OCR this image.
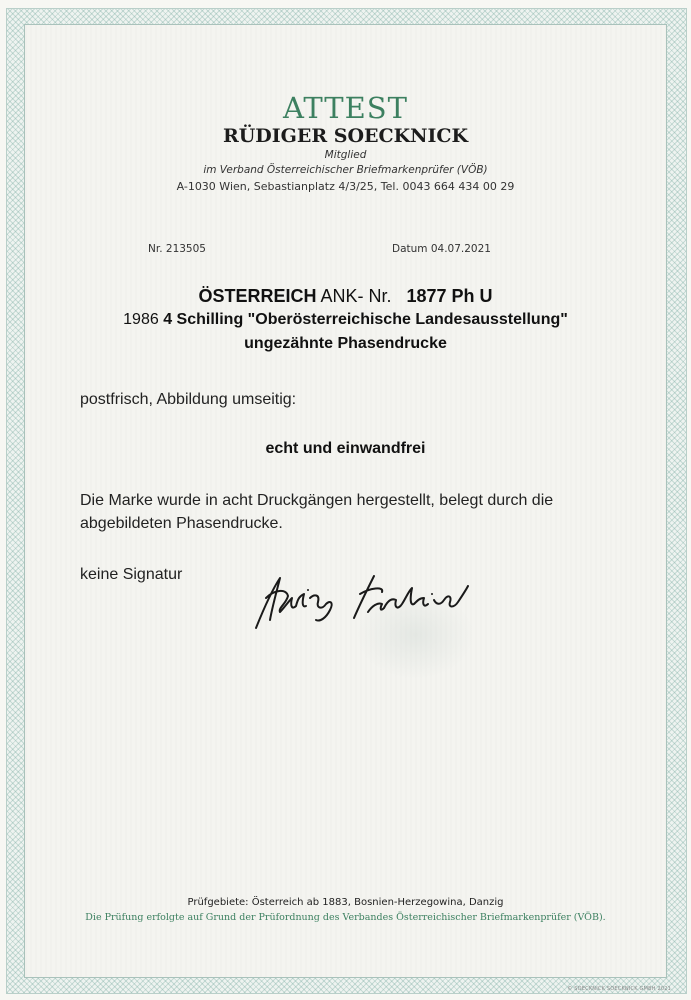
ATTEST
RÜDIGER SOECKNICK
Mitglied
im Verband Österreichischer Briefmarkenprüfer (VÖB)
A-1030 Wien, Sebastianplatz 4/3/25, Tel. 0043 664 434 00 29
Nr. 213505	Datum 04.07.2021
ÖSTERREICH ANK- Nr. 1877 Ph U
1986 4 Schilling "Oberösterreichische Landesausstellung"
ungezähnte Phasendrucke
postfrisch, Abbildung umseitig:
echt und einwandfrei
Die Marke wurde in acht Druckgängen hergestellt, belegt durch die abgebildeten Phasendrucke.
keine Signatur
Prüfgebiete: Österreich ab 1883, Bosnien-Herzegowina, Danzig
Die Prüfung erfolgte auf Grund der Prüfordnung des Verbandes Österreichischer Briefmarkenprüfer (VÖB).
© SOECKNICK SOECKNICK GMBH 2021
